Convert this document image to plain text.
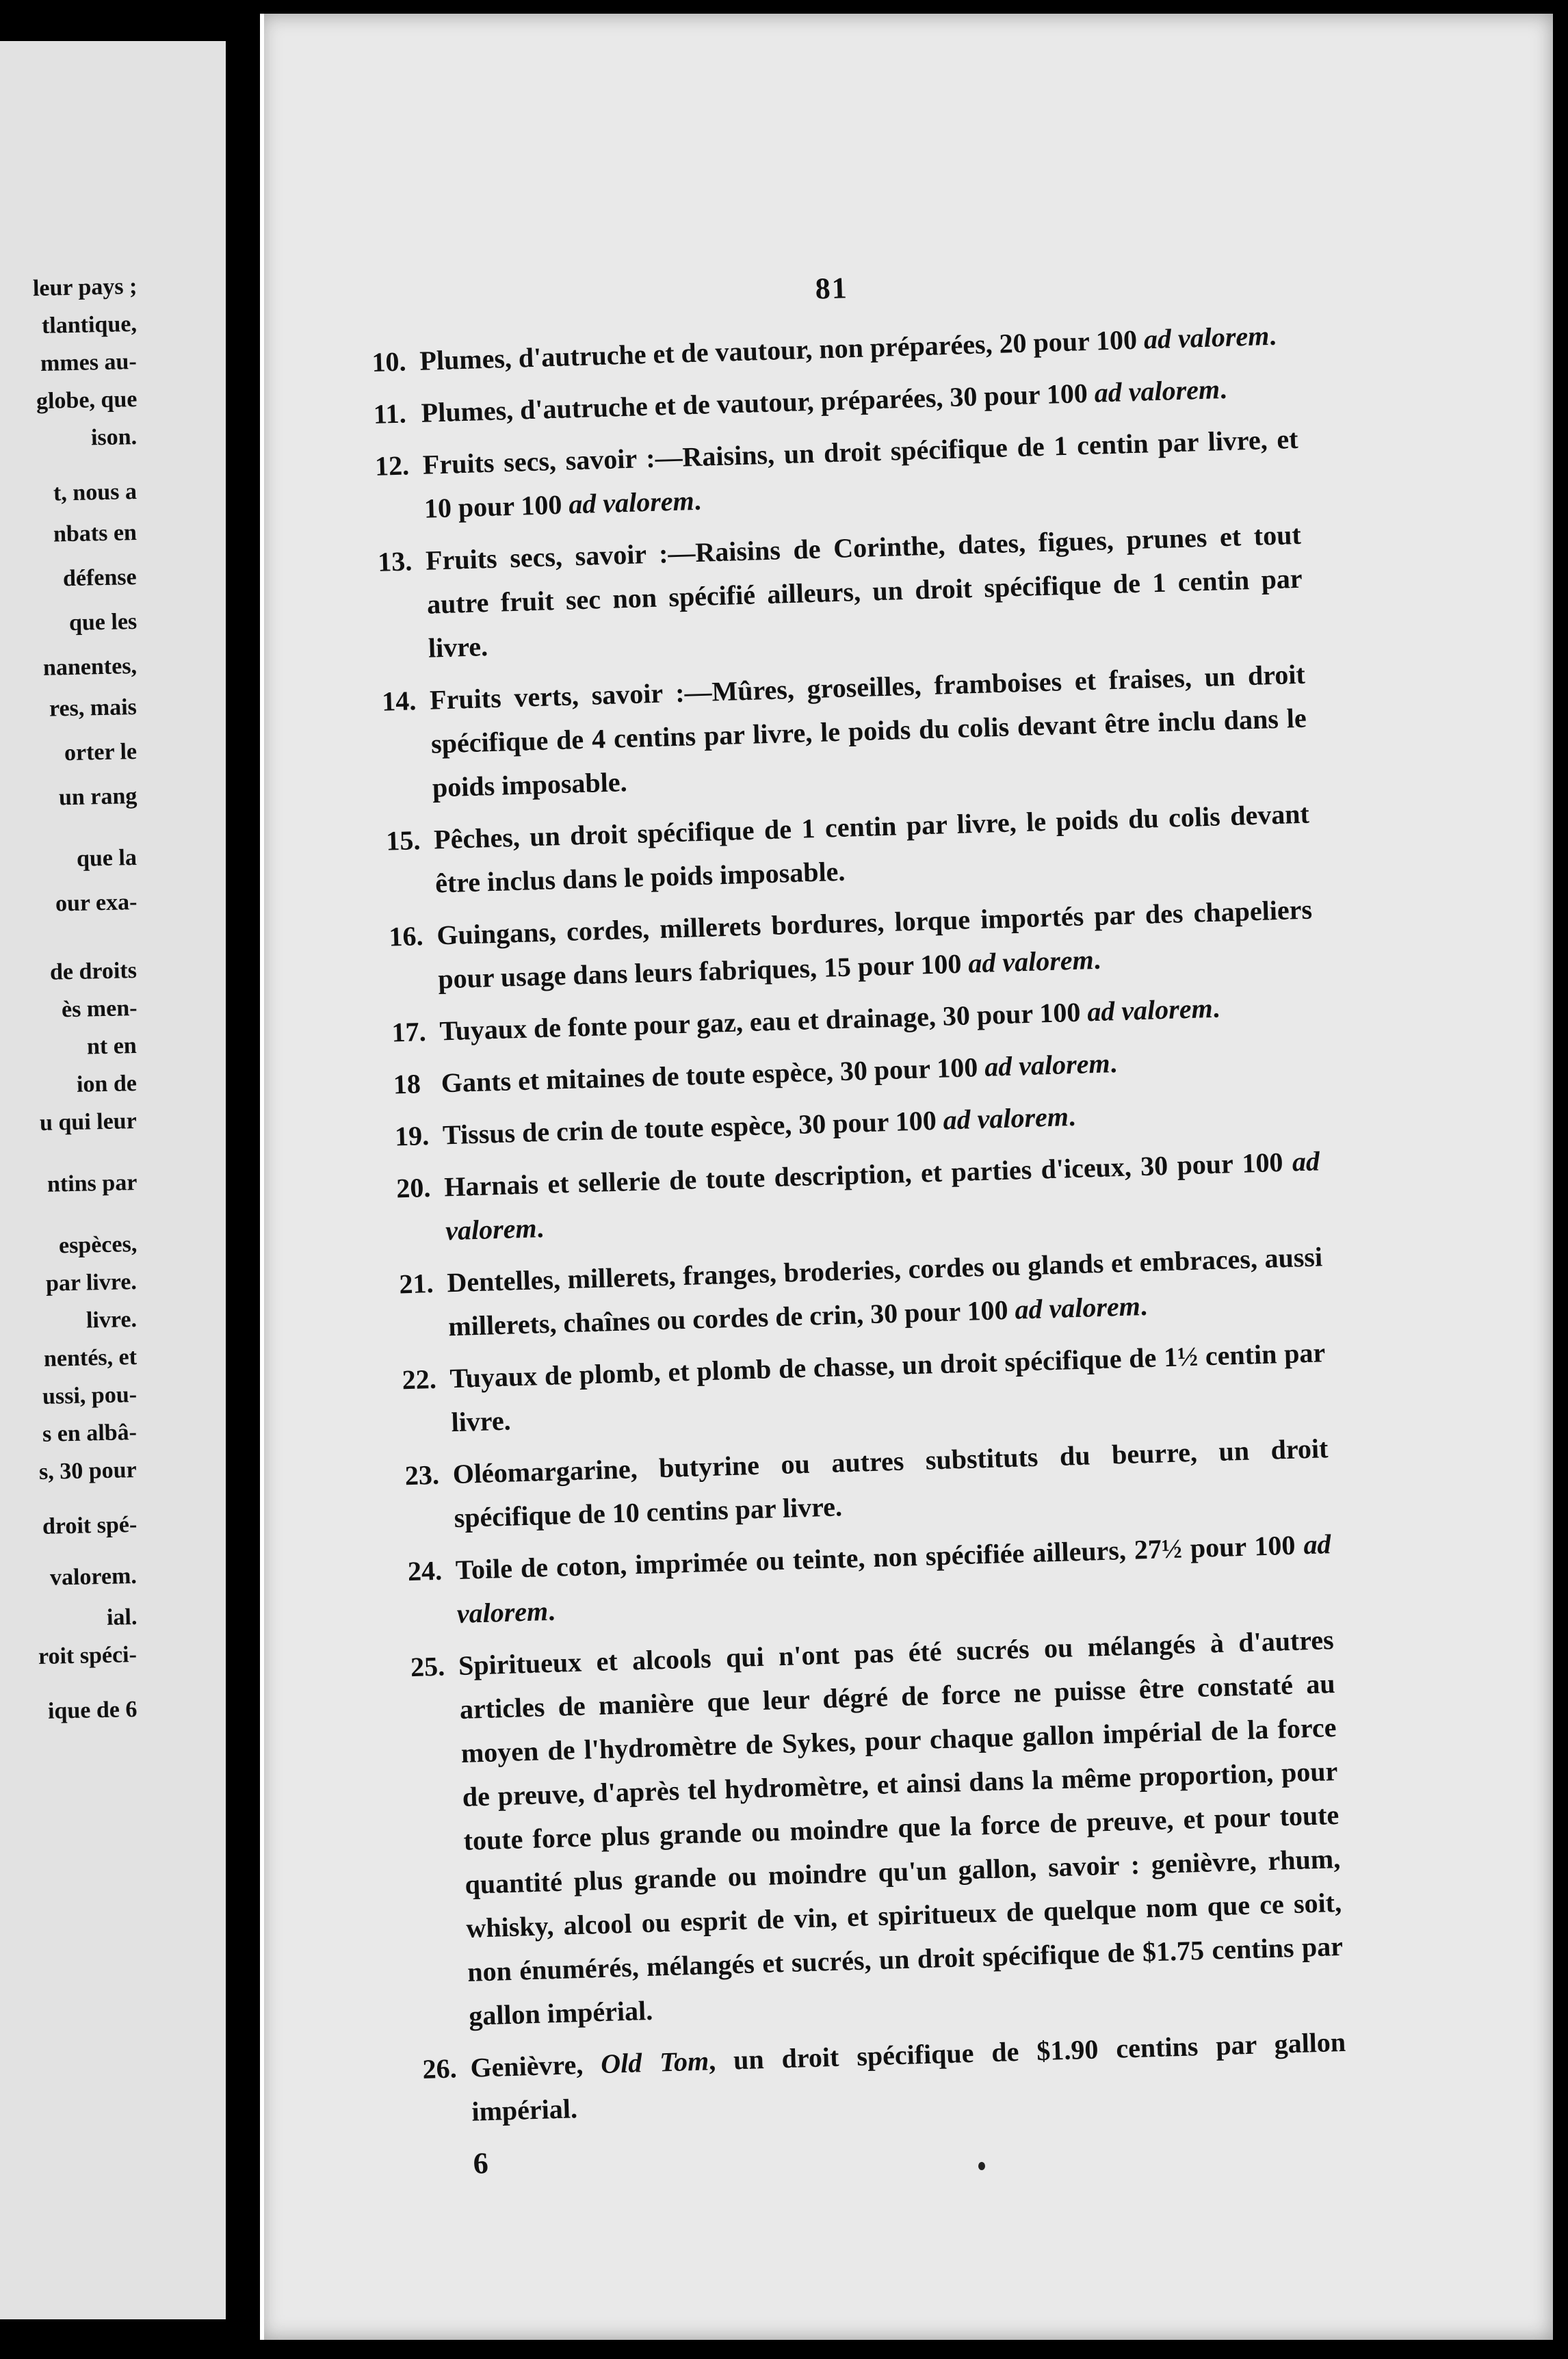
leur pays ;
tlantique,
mmes au-
globe, que
ison.
t, nous a
nbats en
défense
que les
nanentes,
res, mais
orter le
un rang
que la
our exa-
de droits
ès men-
nt en
ion de
u qui leur
ntins par
espèces,
par livre.
livre.
nentés, et
ussi, pou-
s en albâ-
s, 30 pour
droit spé-
valorem.
ial.
roit spéci-
ique de 6
81
10. Plumes, d'autruche et de vautour, non préparées, 20 pour 100 ad valorem.
11. Plumes, d'autruche et de vautour, préparées, 30 pour 100 ad valorem.
12. Fruits secs, savoir :—Raisins, un droit spécifique de 1 centin par livre, et 10 pour 100 ad valorem.
13. Fruits secs, savoir :—Raisins de Corinthe, dates, figues, prunes et tout autre fruit sec non spécifié ailleurs, un droit spécifique de 1 centin par livre.
14. Fruits verts, savoir :—Mûres, groseilles, framboises et fraises, un droit spécifique de 4 centins par livre, le poids du colis devant être inclu dans le poids imposable.
15. Pêches, un droit spécifique de 1 centin par livre, le poids du colis devant être inclus dans le poids imposable.
16. Guingans, cordes, millerets bordures, lorque importés par des chapeliers pour usage dans leurs fabriques, 15 pour 100 ad valorem.
17. Tuyaux de fonte pour gaz, eau et drainage, 30 pour 100 ad valorem.
18 Gants et mitaines de toute espèce, 30 pour 100 ad valorem.
19. Tissus de crin de toute espèce, 30 pour 100 ad valorem.
20. Harnais et sellerie de toute description, et parties d'iceux, 30 pour 100 ad valorem.
21. Dentelles, millerets, franges, broderies, cordes ou glands et embraces, aussi millerets, chaînes ou cordes de crin, 30 pour 100 ad valorem.
22. Tuyaux de plomb, et plomb de chasse, un droit spécifique de 1½ centin par livre.
23. Oléomargarine, butyrine ou autres substituts du beurre, un droit spécifique de 10 centins par livre.
24. Toile de coton, imprimée ou teinte, non spécifiée ailleurs, 27½ pour 100 ad valorem.
25. Spiritueux et alcools qui n'ont pas été sucrés ou mélangés à d'autres articles de manière que leur dégré de force ne puisse être constaté au moyen de l'hydromètre de Sykes, pour chaque gallon impérial de la force de preuve, d'après tel hydromètre, et ainsi dans la même proportion, pour toute force plus grande ou moindre que la force de preuve, et pour toute quantité plus grande ou moindre qu'un gallon, savoir : genièvre, rhum, whisky, alcool ou esprit de vin, et spiritueux de quelque nom que ce soit, non énumérés, mélangés et sucrés, un droit spécifique de $1.75 centins par gallon impérial.
26. Genièvre, Old Tom, un droit spécifique de $1.90 centins par gallon impérial.
6
